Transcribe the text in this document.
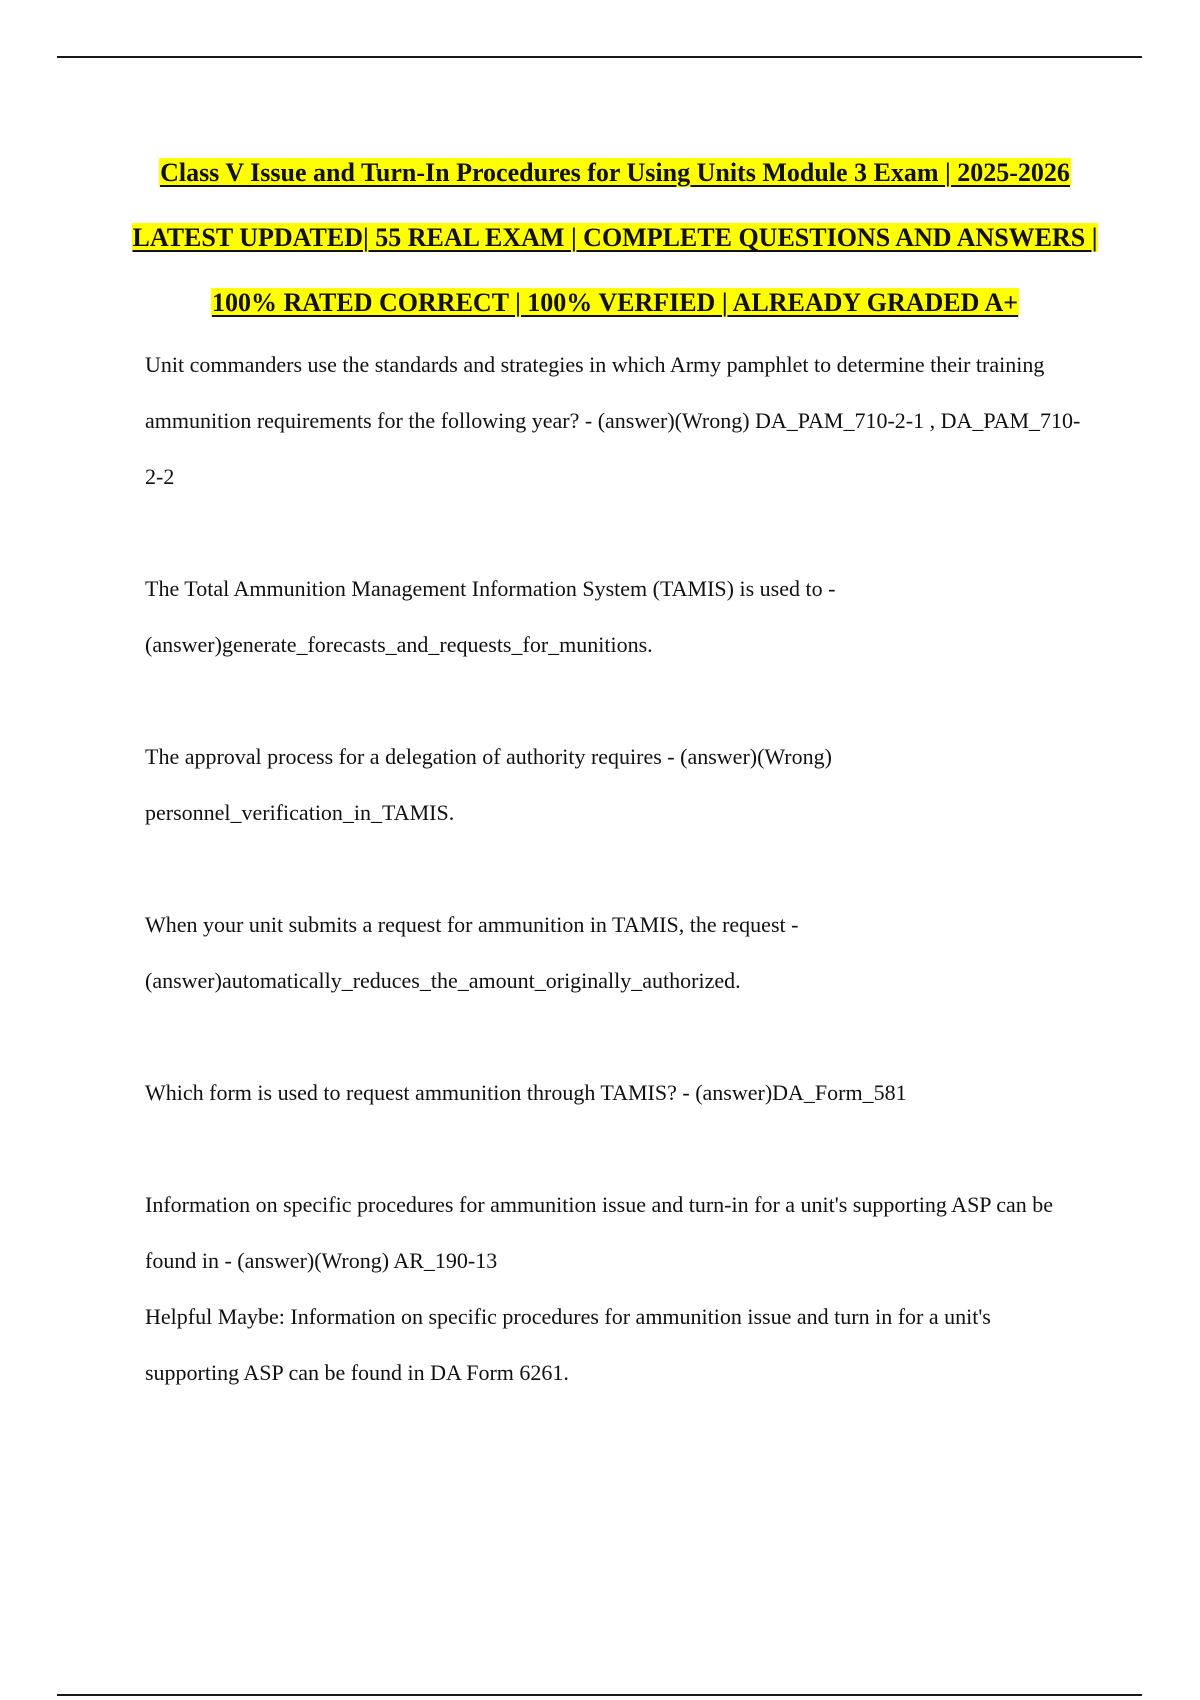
Class V Issue and Turn-In Procedures for Using Units Module 3 Exam | 2025-2026 LATEST UPDATED| 55 REAL EXAM | COMPLETE QUESTIONS AND ANSWERS | 100% RATED CORRECT | 100% VERFIED | ALREADY GRADED A+

Unit commanders use the standards and strategies in which Army pamphlet to determine their training ammunition requirements for the following year? - (answer)(Wrong) DA_PAM_710-2-1 , DA_PAM_710-2-2

The Total Ammunition Management Information System (TAMIS) is used to - (answer)generate_forecasts_and_requests_for_munitions.

The approval process for a delegation of authority requires - (answer)(Wrong) personnel_verification_in_TAMIS.

When your unit submits a request for ammunition in TAMIS, the request - (answer)automatically_reduces_the_amount_originally_authorized.

Which form is used to request ammunition through TAMIS? - (answer)DA_Form_581

Information on specific procedures for ammunition issue and turn-in for a unit's supporting ASP can be found in - (answer)(Wrong) AR_190-13

Helpful Maybe: Information on specific procedures for ammunition issue and turn in for a unit's supporting ASP can be found in DA Form 6261.
